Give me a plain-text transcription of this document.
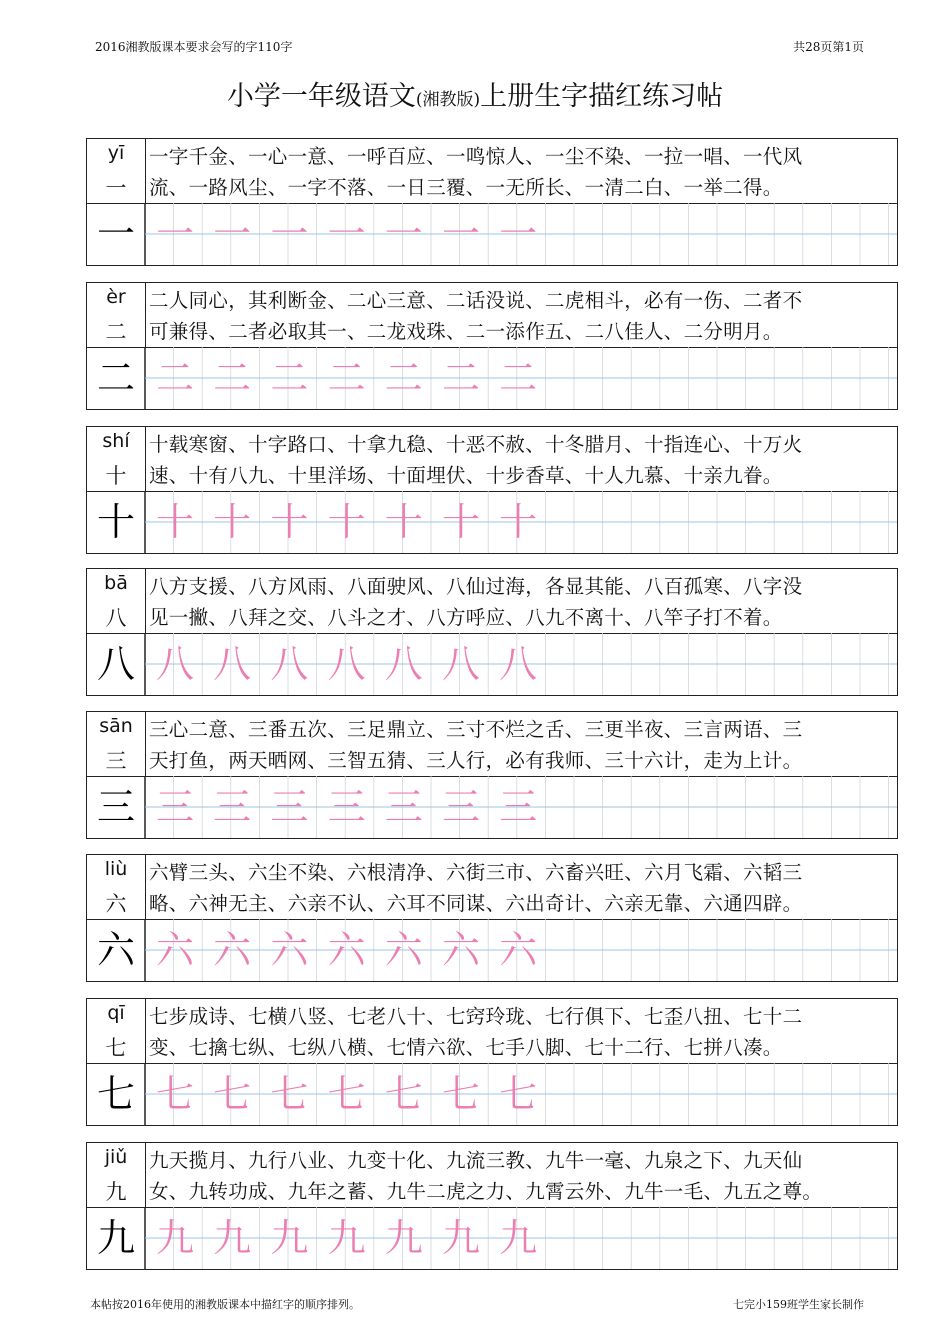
2016湘教版课本要求会写的字110字	共28页第1页
小学一年级语文(湘教版)上册生字描红练习帖
yī
一
一字千金、一心一意、一呼百应、一鸣惊人、一尘不染、一拉一唱、一代风
流、一路风尘、一字不落、一日三覆、一无所长、一清二白、一举二得。
一 一 一 一 一 一 一 一
èr
二
二人同心，其利断金、二心三意、二话没说、二虎相斗，必有一伤、二者不
可兼得、二者必取其一、二龙戏珠、二一添作五、二八佳人、二分明月。
二 二 二 二 二 二 二 二
shí
十
十载寒窗、十字路口、十拿九稳、十恶不赦、十冬腊月、十指连心、十万火
速、十有八九、十里洋场、十面埋伏、十步香草、十人九慕、十亲九眷。
十 十 十 十 十 十 十 十
bā
八
八方支援、八方风雨、八面驶风、八仙过海，各显其能、八百孤寒、八字没
见一撇、八拜之交、八斗之才、八方呼应、八九不离十、八竿子打不着。
八 八 八 八 八 八 八 八
sān
三
三心二意、三番五次、三足鼎立、三寸不烂之舌、三更半夜、三言两语、三
天打鱼，两天晒网、三智五猜、三人行，必有我师、三十六计，走为上计。
三 三 三 三 三 三 三 三
liù
六
六臂三头、六尘不染、六根清净、六街三市、六畜兴旺、六月飞霜、六韬三
略、六神无主、六亲不认、六耳不同谋、六出奇计、六亲无靠、六通四辟。
六 六 六 六 六 六 六 六
qī
七
七步成诗、七横八竖、七老八十、七窍玲珑、七行俱下、七歪八扭、七十二
变、七擒七纵、七纵八横、七情六欲、七手八脚、七十二行、七拼八凑。
七 七 七 七 七 七 七 七
jiǔ
九
九天揽月、九行八业、九变十化、九流三教、九牛一毫、九泉之下、九天仙
女、九转功成、九年之蓄、九牛二虎之力、九霄云外、九牛一毛、九五之尊。
九 九 九 九 九 九 九 九
本帖按2016年使用的湘教版课本中描红字的顺序排列。	七完小159班学生家长制作
